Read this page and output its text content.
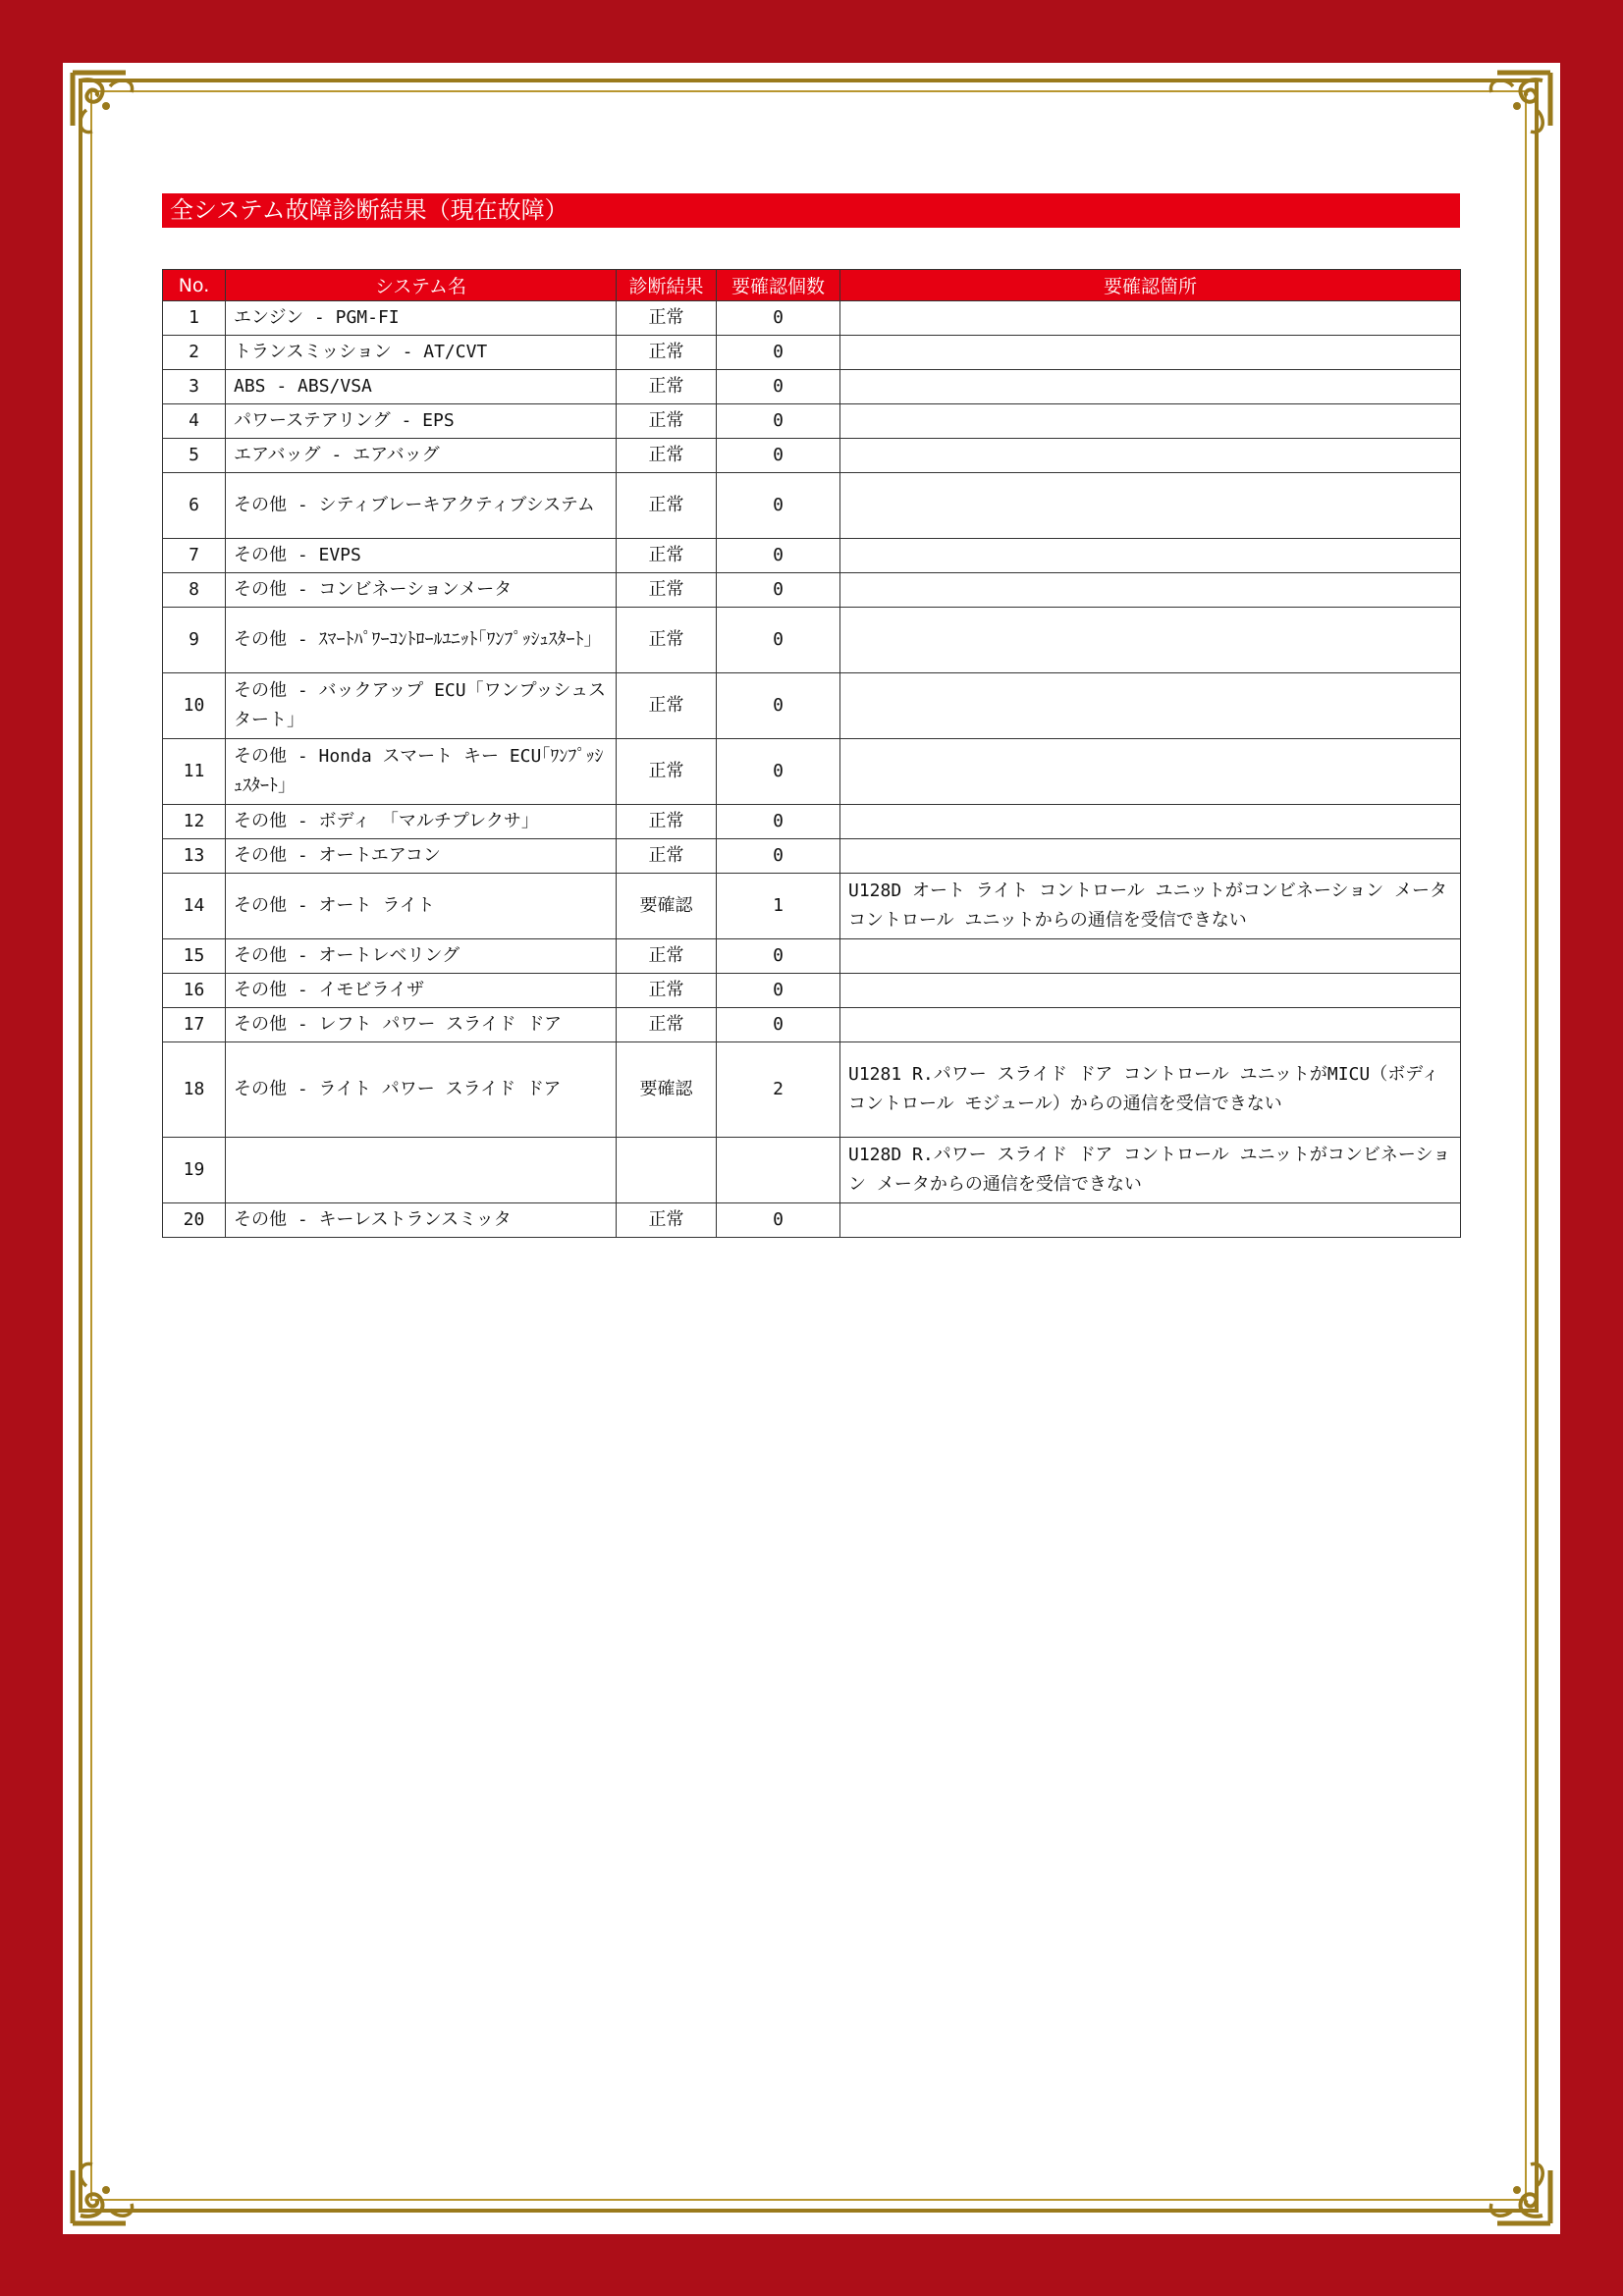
全システム故障診断結果（現在故障）
No.	システム名	診断結果	要確認個数	要確認箇所
1	エンジン - PGM-FI	正常	0	
2	トランスミッション - AT/CVT	正常	0	
3	ABS - ABS/VSA	正常	0	
4	パワーステアリング - EPS	正常	0	
5	エアバッグ - エアバッグ	正常	0	
6	その他 - シティブレーキアクティブシステム	正常	0	
7	その他 - EVPS	正常	0	
8	その他 - コンビネーションメータ	正常	0	
9	その他 - ｽﾏｰﾄﾊﾟﾜｰｺﾝﾄﾛｰﾙﾕﾆｯﾄ｢ﾜﾝﾌﾟｯｼｭｽﾀｰﾄ｣	正常	0	
10	その他 - バックアップ ECU「ワンプッシュスタート」	正常	0	
11	その他 - Honda スマート キー ECU｢ﾜﾝﾌﾟｯｼｭｽﾀｰﾄ｣	正常	0	
12	その他 - ボディ 「マルチプレクサ」	正常	0	
13	その他 - オートエアコン	正常	0	
14	その他 - オート ライト	要確認	1	U128D オート ライト コントロール ユニットがコンビネーション メータ コントロール ユニットからの通信を受信できない
15	その他 - オートレベリング	正常	0	
16	その他 - イモビライザ	正常	0	
17	その他 - レフト パワー スライド ドア	正常	0	
18	その他 - ライト パワー スライド ドア	要確認	2	U1281 R.パワー スライド ドア コントロール ユニットがMICU（ボディ コントロール モジュール）からの通信を受信できない
19				U128D R.パワー スライド ドア コントロール ユニットがコンビネーション メータからの通信を受信できない
20	その他 - キーレストランスミッタ	正常	0	
